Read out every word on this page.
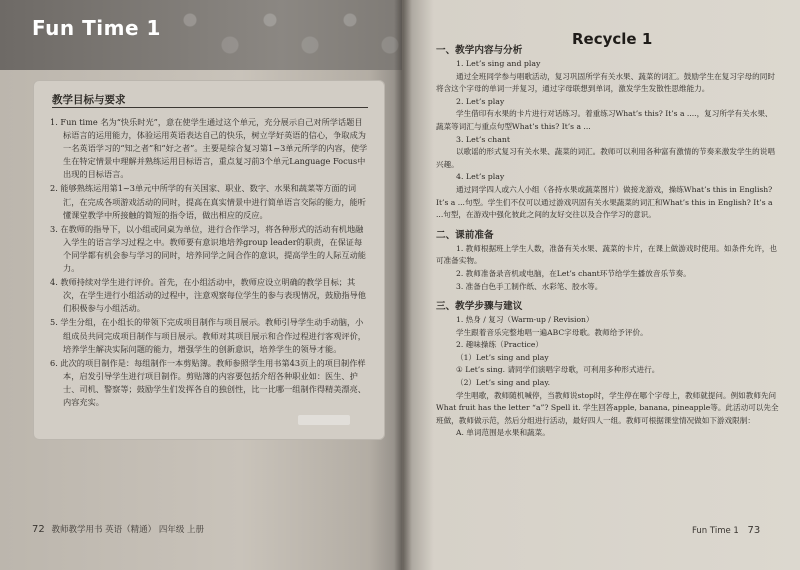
Fun Time 1
教学目标与要求
1. Fun time 名为“快乐时光”，意在使学生通过这个单元，充分展示自己对所学话题目标语言的运用能力，体验运用英语表达自己的快乐，树立学好英语的信心，争取成为一名英语学习的“知之者”和“好之者”。主要是综合复习第1~3单元所学的内容，使学生在特定情景中理解并熟练运用目标语言，重点复习前3个单元Language Focus中出现的目标语言。
2. 能够熟练运用第1~3单元中所学的有关国家、职业、数字、水果和蔬菜等方面的词汇，在完成各项游戏活动的同时，提高在真实情景中进行简单语言交际的能力，能听懂课堂教学中所接触的简短的指令语，做出相应的反应。
3. 在教师的指导下，以小组或同桌为单位，进行合作学习，将各种形式的活动有机地融入学生的语言学习过程之中。教师要有意识地培养group leader的职责，在保证每个同学都有机会参与学习的同时，培养同学之间合作的意识，提高学生的人际互动能力。
4. 教师持续对学生进行评价。首先，在小组活动中，教师应设立明确的教学目标；其次，在学生进行小组活动的过程中，注意观察每位学生的参与表现情况，鼓励指导他们积极参与小组活动。
5. 学生分组，在小组长的带领下完成项目制作与项目展示。教师引导学生动手动脑，小组成员共同完成项目制作与项目展示。教师对其项目展示和合作过程进行客观评价，培养学生解决实际问题的能力，增强学生的创新意识，培养学生的领导才能。
6. 此次的项目制作是：每组制作一本剪贴簿。教师参照学生用书第43页上的项目制作样本，启发引导学生进行项目制作。剪贴簿的内容要包括介绍各种职业如：医生、护士、司机、警察等；鼓励学生们发挥各自的独创性，比一比哪一组制作得精美漂亮、内容充实。
72 教师教学用书 英语（精通） 四年级 上册
Recycle 1
一、教学内容与分析
1. Let’s sing and play
通过全班同学参与唱歌活动，复习巩固所学有关水果、蔬菜的词汇。鼓励学生在复习字母的同时将含这个字母的单词一并复习，通过字母联想到单词，激发学生发散性思维能力。
2. Let’s play
学生借印有水果的卡片进行对话练习。着重练习What’s this? It’s a ....，复习所学有关水果、蔬菜等词汇与重点句型What’s this? It’s a ...
3. Let’s chant
以歌谣的形式复习有关水果、蔬菜的词汇。教师可以利用各种富有激情的节奏来激发学生的说唱兴趣。
4. Let’s play
通过同学四人或六人小组（各持水果或蔬菜图片）做接龙游戏，操练What’s this in English? It’s a ...句型。学生们不仅可以通过游戏巩固有关水果蔬菜的词汇和What’s this in English? It’s a ...句型，在游戏中强化彼此之间的友好交往以及合作学习的意识。
二、课前准备
1. 教师根据班上学生人数，准备有关水果、蔬菜的卡片，在课上做游戏时使用。如条件允许，也可准备实物。
2. 教师准备录音机或电脑，在Let’s chant环节给学生播放音乐节奏。
3. 准备白色手工制作纸、水彩笔、胶水等。
三、教学步骤与建议
1. 热身 / 复习（Warm-up / Revision）
学生跟着音乐完整地唱一遍ABC字母歌。教师给予评价。
2. 趣味操练（Practice）
（1）Let’s sing and play
① Let’s sing. 请同学们演唱字母歌，可利用多种形式进行。
（2）Let’s sing and play.
学生唱歌，教师随机喊停，当教师说stop时，学生停在哪个字母上，教师就提问。例如教师先问What fruit has the letter “a”? Spell it. 学生回答apple, banana, pineapple等。此活动可以先全班做，教师做示范，然后分组进行活动，最好四人一组。教师可根据课堂情况做如下游戏限制：
A. 单词范围是水果和蔬菜。
Fun Time 1 73
